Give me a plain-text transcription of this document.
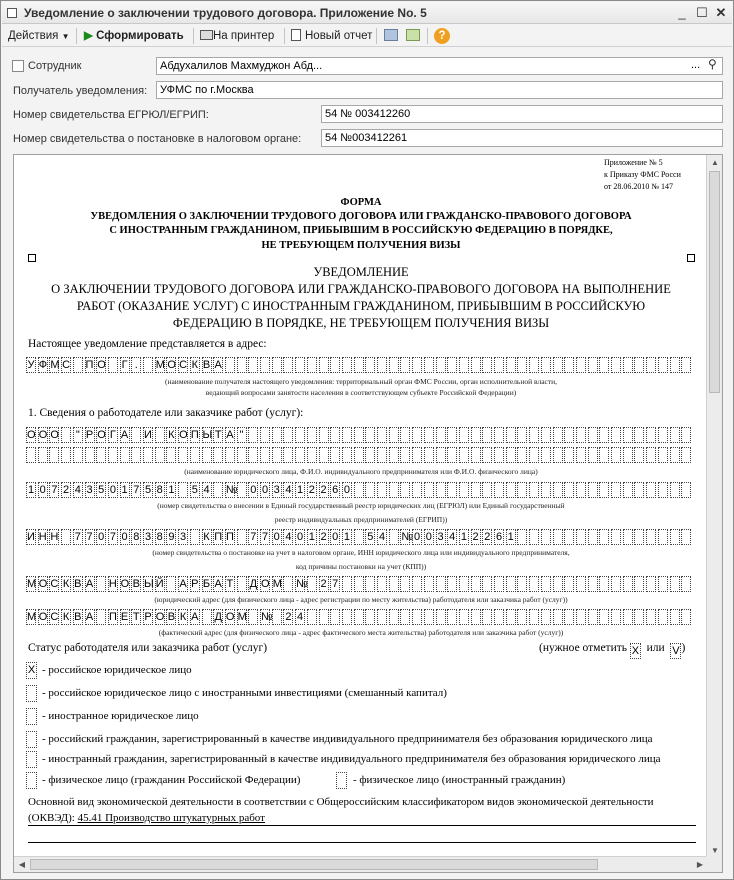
Уведомление о заключении трудового договора. Приложение No. 5	_ ☐ ✕
Действия ▼ ▶ Сформировать	На принтер	Новый отчет	?
Сотрудник	Абдухалилов Махмуджон Абд...	... ⚲
Получатель уведомления:	УФМС по г.Москва
Номер свидетельства ЕГРЮЛ/ЕГРИП:	54 № 003412260
Номер свидетельства о постановке в налоговом органе:	54 №003412261
Приложение № 5
к Приказу ФМС Росси
от 28.06.2010 № 147
ФОРМА
УВЕДОМЛЕНИЯ О ЗАКЛЮЧЕНИИ ТРУДОВОГО ДОГОВОРА ИЛИ ГРАЖДАНСКО-ПРАВОВОГО ДОГОВОРА
С ИНОСТРАННЫМ ГРАЖДАНИНОМ, ПРИБЫВШИМ В РОССИЙСКУЮ ФЕДЕРАЦИЮ В ПОРЯДКЕ,
НЕ ТРЕБУЮЩЕМ ПОЛУЧЕНИЯ ВИЗЫ
УВЕДОМЛЕНИЕ
О ЗАКЛЮЧЕНИИ ТРУДОВОГО ДОГОВОРА ИЛИ ГРАЖДАНСКО-ПРАВОВОГО ДОГОВОРА НА ВЫПОЛНЕНИЕ
РАБОТ (ОКАЗАНИЕ УСЛУГ) С ИНОСТРАННЫМ ГРАЖДАНИНОМ, ПРИБЫВШИМ В РОССИЙСКУЮ
ФЕДЕРАЦИЮ В ПОРЯДКЕ, НЕ ТРЕБУЮЩЕМ ПОЛУЧЕНИЯ ВИЗЫ
Настоящее уведомление представляется в адрес:
У Ф М С П О Г .	М О С К В А
(наименование получателя настоящего уведомления: территориальный орган ФМС России, орган исполнительной власти,
ведающий вопросами занятости населения в соответствующем субъекте Российской Федерации)
1. Сведения о работодателе или заказчике работ (услуг):
О О О " Р О Г А И К О П Ы Т А "
(наименование юридического лица, Ф.И.О. индивидуального предпринимателя или Ф.И.О. физического лица)
1 0 7 2 4 3 5 0 1 7 5 8 1 5 4 № 0 0 3 4 1 2 2 6 0
(номер свидетельства о внесении в Единый государственный реестр юридических лиц (ЕГРЮЛ) или Единый государственный
реестр индивидуальных предпринимателей (ЕГРИП))
И Н Н 7 7 0 7 0 8 3 8 9 3 К П П 7 7 0 4 0 1 2 0 1 5 4 № 0 0 3 4 1 2 2 6 1
(номер свидетельства о постановке на учет в налоговом органе, ИНН юридического лица или индивидуального предпринимателя,
код причины постановки на учет (КПП))
М О С К В А Н О В Ы Й А Р Б А Т Д О М № 2 7
(юридический адрес (для физического лица - адрес регистрации по месту жительства) работодателя или заказчика работ (услуг))
М О С К В А П Е Т Р О В К А Д О М № 2 4
(фактический адрес (для физического лица - адрес фактического места жительства) работодателя или заказчика работ (услуг))
Статус работодателя или заказчика работ (услуг)	(нужное отметить X или V )
X - российское юридическое лицо
- российское юридическое лицо с иностранными инвестициями (смешанный капитал)
- иностранное юридическое лицо
- российский гражданин, зарегистрированный в качестве индивидуального предпринимателя без образования юридического лица
- иностранный гражданин, зарегистрированный в качестве индивидуального предпринимателя без образования юридического лица
- физическое лицо (гражданин Российской Федерации)	- физическое лицо (иностранный гражданин)
Основной вид экономической деятельности в соответствии с Общероссийским классификатором видов экономической деятельности
(ОКВЭД): 45.41 Производство штукатурных работ
▲
▼
◀	▶
